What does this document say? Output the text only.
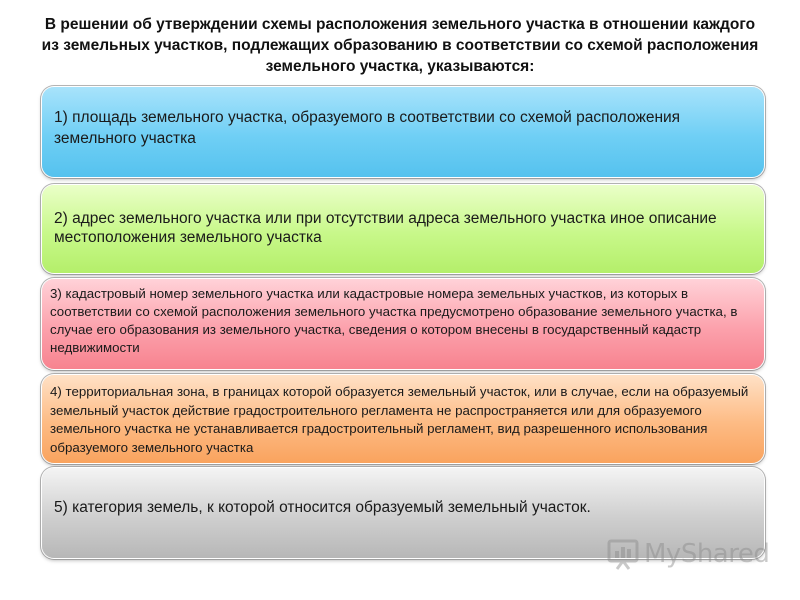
В решении об утверждении схемы расположения земельного участка в отношении каждого из земельных участков, подлежащих образованию в соответствии со схемой расположения земельного участка, указываются:
1) площадь земельного участка, образуемого в соответствии со схемой расположения земельного участка
2) адрес земельного участка или при отсутствии адреса земельного участка иное описание местоположения земельного участка
3) кадастровый номер земельного участка или кадастровые номера земельных участков, из которых в соответствии со схемой расположения земельного участка предусмотрено образование земельного участка, в случае его образования из земельного участка, сведения о котором внесены в государственный кадастр недвижимости
4) территориальная зона, в границах которой образуется земельный участок, или в случае, если на образуемый земельный участок действие градостроительного регламента не распространяется или для образуемого земельного участка не устанавливается градостроительный регламент, вид разрешенного использования образуемого земельного участка
5) категория земель, к которой относится образуемый земельный участок.
MyShared
